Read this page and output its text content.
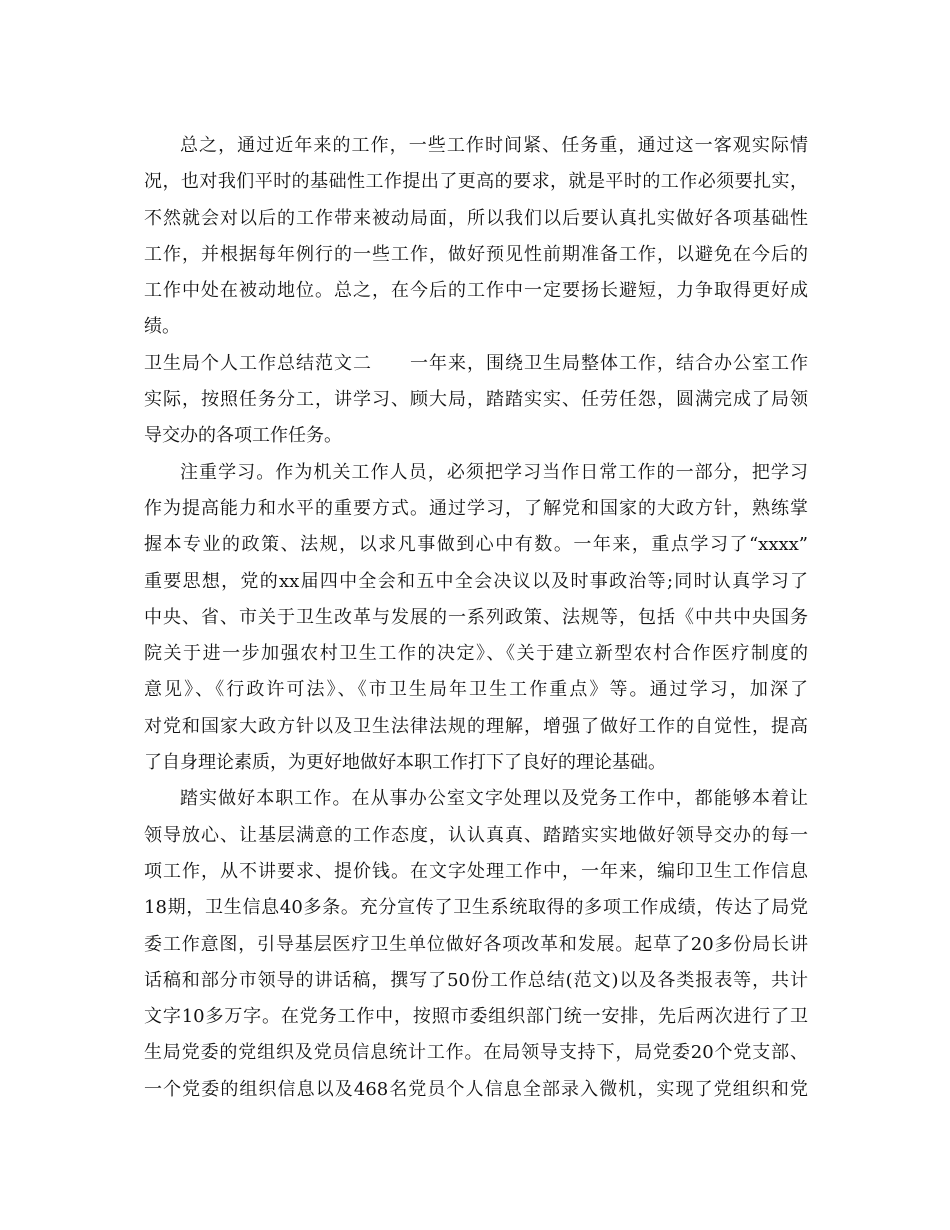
总之，通过近年来的工作，一些工作时间紧、任务重，通过这一客观实际情
况，也对我们平时的基础性工作提出了更高的要求，就是平时的工作必须要扎实，
不然就会对以后的工作带来被动局面，所以我们以后要认真扎实做好各项基础性
工作，并根据每年例行的一些工作，做好预见性前期准备工作，以避免在今后的
工作中处在被动地位。总之，在今后的工作中一定要扬长避短，力争取得更好成
绩。
卫生局个人工作总结范文二　　一年来，围绕卫生局整体工作，结合办公室工作
实际，按照任务分工，讲学习、顾大局，踏踏实实、任劳任怨，圆满完成了局领
导交办的各项工作任务。
注重学习。作为机关工作人员，必须把学习当作日常工作的一部分，把学习
作为提高能力和水平的重要方式。通过学习，了解党和国家的大政方针，熟练掌
握本专业的政策、法规，以求凡事做到心中有数。一年来，重点学习了“xxxx”
重要思想，党的xx届四中全会和五中全会决议以及时事政治等;同时认真学习了
中央、省、市关于卫生改革与发展的一系列政策、法规等，包括《中共中央国务
院关于进一步加强农村卫生工作的决定》、《关于建立新型农村合作医疗制度的
意见》、《行政许可法》、《市卫生局年卫生工作重点》等。通过学习，加深了
对党和国家大政方针以及卫生法律法规的理解，增强了做好工作的自觉性，提高
了自身理论素质，为更好地做好本职工作打下了良好的理论基础。
踏实做好本职工作。在从事办公室文字处理以及党务工作中，都能够本着让
领导放心、让基层满意的工作态度，认认真真、踏踏实实地做好领导交办的每一
项工作，从不讲要求、提价钱。在文字处理工作中，一年来，编印卫生工作信息
18期，卫生信息40多条。充分宣传了卫生系统取得的多项工作成绩，传达了局党
委工作意图，引导基层医疗卫生单位做好各项改革和发展。起草了20多份局长讲
话稿和部分市领导的讲话稿，撰写了50份工作总结(范文)以及各类报表等，共计
文字10多万字。在党务工作中，按照市委组织部门统一安排，先后两次进行了卫
生局党委的党组织及党员信息统计工作。在局领导支持下，局党委20个党支部、
一个党委的组织信息以及468名党员个人信息全部录入微机，实现了党组织和党
